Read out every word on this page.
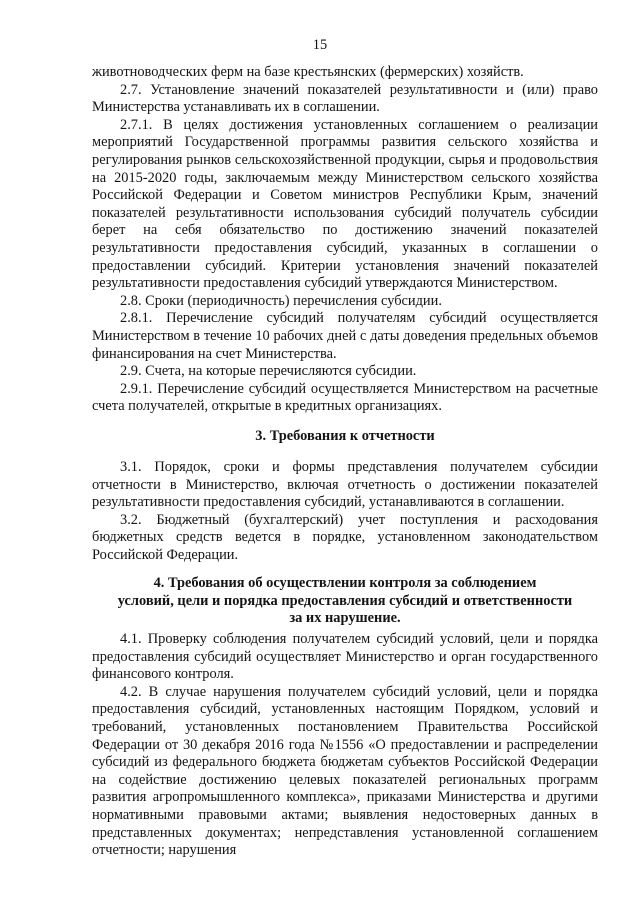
15

животноводческих ферм на базе крестьянских (фермерских) хозяйств.

2.7. Установление значений показателей результативности и (или) право Министерства устанавливать их в соглашении.

2.7.1. В целях достижения установленных соглашением о реализации мероприятий Государственной программы развития сельского хозяйства и регулирования рынков сельскохозяйственной продукции, сырья и продовольствия на 2015-2020 годы, заключаемым между Министерством сельского хозяйства Российской Федерации и Советом министров Республики Крым, значений показателей результативности использования субсидий получатель субсидии берет на себя обязательство по достижению значений показателей результативности предоставления субсидий, указанных в соглашении о предоставлении субсидий. Критерии установления значений показателей результативности предоставления субсидий утверждаются Министерством.

2.8. Сроки (периодичность) перечисления субсидии.

2.8.1. Перечисление субсидий получателям субсидий осуществляется Министерством в течение 10 рабочих дней с даты доведения предельных объемов финансирования на счет Министерства.

2.9. Счета, на которые перечисляются субсидии.

2.9.1. Перечисление субсидий осуществляется Министерством на расчетные счета получателей, открытые в кредитных организациях.

3. Требования к отчетности

3.1. Порядок, сроки и формы представления получателем субсидии отчетности в Министерство, включая отчетность о достижении показателей результативности предоставления субсидий, устанавливаются в соглашении.

3.2. Бюджетный (бухгалтерский) учет поступления и расходования бюджетных средств ведется в порядке, установленном законодательством Российской Федерации.

4. Требования об осуществлении контроля за соблюдением
условий, цели и порядка предоставления субсидий и ответственности
за их нарушение.

4.1. Проверку соблюдения получателем субсидий условий, цели и порядка предоставления субсидий осуществляет Министерство и орган государственного финансового контроля.

4.2. В случае нарушения получателем субсидий условий, цели и порядка предоставления субсидий, установленных настоящим Порядком, условий и требований, установленных постановлением Правительства Российской Федерации от 30 декабря 2016 года №1556 «О предоставлении и распределении субсидий из федерального бюджета бюджетам субъектов Российской Федерации на содействие достижению целевых показателей региональных программ развития агропромышленного комплекса», приказами Министерства и другими нормативными правовыми актами; выявления недостоверных данных в представленных документах; непредставления установленной соглашением отчетности; нарушения
